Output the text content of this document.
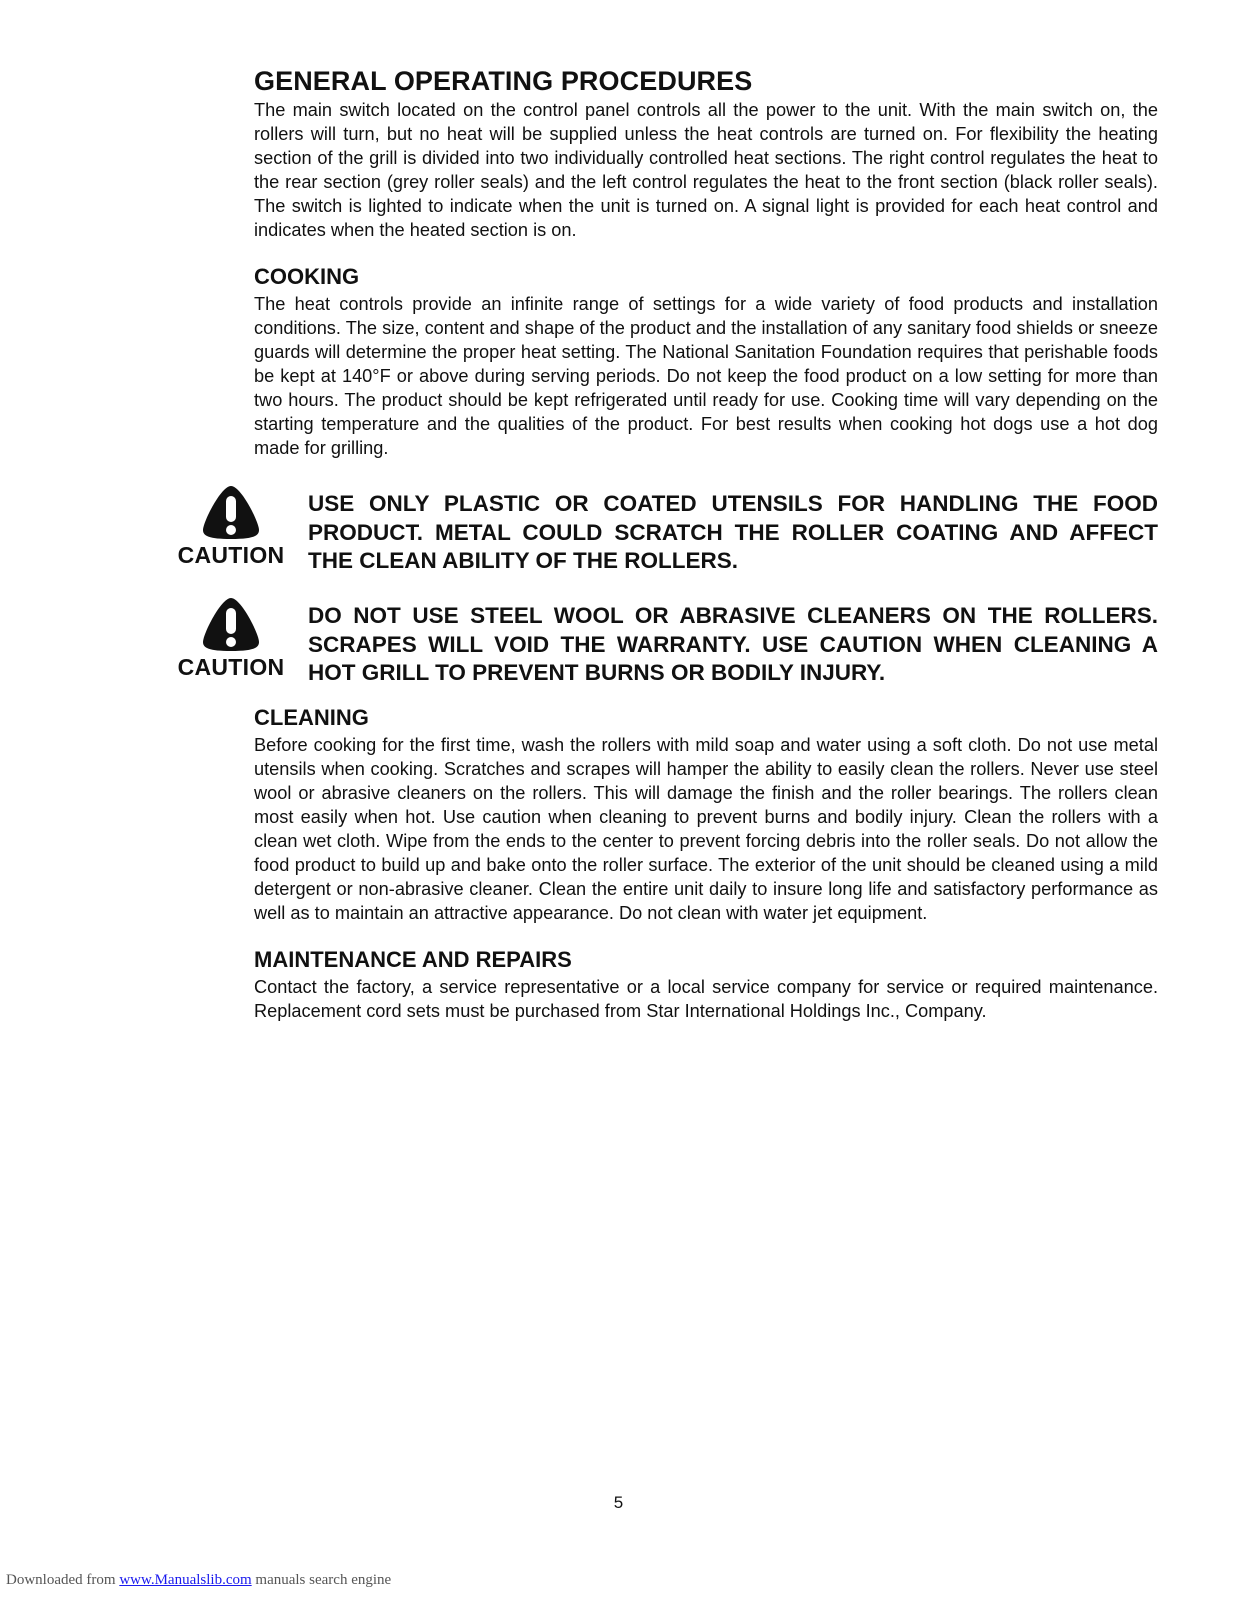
GENERAL OPERATING PROCEDURES

The main switch located on the control panel controls all the power to the unit. With the main switch on, the rollers will turn, but no heat will be supplied unless the heat controls are turned on. For flexibility the heating section of the grill is divided into two individually controlled heat sections. The right control regulates the heat to the rear section (grey roller seals) and the left control regulates the heat to the front section (black roller seals). The switch is lighted to indicate when the unit is turned on. A signal light is provided for each heat control and indicates when the heated section is on.

COOKING

The heat controls provide an infinite range of settings for a wide variety of food products and installation conditions. The size, content and shape of the product and the installation of any sanitary food shields or sneeze guards will determine the proper heat setting. The National Sanitation Foundation requires that perishable foods be kept at 140°F or above during serving periods. Do not keep the food product on a low setting for more than two hours. The product should be kept refrigerated until ready for use. Cooking time will vary depending on the starting temperature and the qualities of the product. For best results when cooking hot dogs use a hot dog made for grilling.

CAUTION
USE ONLY PLASTIC OR COATED UTENSILS FOR HANDLING THE FOOD PRODUCT. METAL COULD SCRATCH THE ROLLER COATING AND AFFECT THE CLEAN ABILITY OF THE ROLLERS.
CAUTION
DO NOT USE STEEL WOOL OR ABRASIVE CLEANERS ON THE ROLLERS. SCRAPES WILL VOID THE WARRANTY. USE CAUTION WHEN CLEANING A HOT GRILL TO PREVENT BURNS OR BODILY INJURY.
CLEANING

Before cooking for the first time, wash the rollers with mild soap and water using a soft cloth. Do not use metal utensils when cooking. Scratches and scrapes will hamper the ability to easily clean the rollers. Never use steel wool or abrasive cleaners on the rollers. This will damage the finish and the roller bearings. The rollers clean most easily when hot. Use caution when cleaning to prevent burns and bodily injury. Clean the rollers with a clean wet cloth. Wipe from the ends to the center to prevent forcing debris into the roller seals. Do not allow the food product to build up and bake onto the roller surface. The exterior of the unit should be cleaned using a mild detergent or non-abrasive cleaner. Clean the entire unit daily to insure long life and satisfactory performance as well as to maintain an attractive appearance. Do not clean with water jet equipment.

MAINTENANCE AND REPAIRS

Contact the factory, a service representative or a local service company for service or required maintenance. Replacement cord sets must be purchased from Star International Holdings Inc., Company.

5
Downloaded from www.Manualslib.com manuals search engine
